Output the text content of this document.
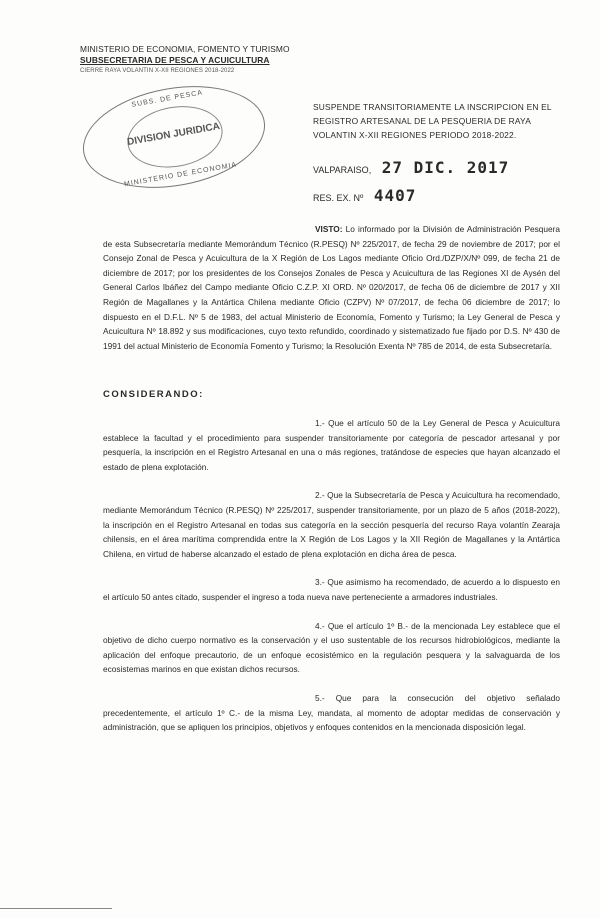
MINISTERIO DE ECONOMIA, FOMENTO Y TURISMO
SUBSECRETARIA DE PESCA Y ACUICULTURA
CIERRE RAYA VOLANTIN X-XII REGIONES 2018-2022
SUBS. DE PESCA
DIVISION JURIDICA
MINISTERIO DE ECONOMIA
SUSPENDE TRANSITORIAMENTE LA INSCRIPCION EN EL REGISTRO ARTESANAL DE LA PESQUERIA DE RAYA VOLANTIN X-XII REGIONES PERIODO 2018-2022.
VALPARAISO, 27 DIC. 2017
RES. EX. Nº 4407

VISTO: Lo informado por la División de Administración Pesquera de esta Subsecretaría mediante Memorándum Técnico (R.PESQ) Nº 225/2017, de fecha 29 de noviembre de 2017; por el Consejo Zonal de Pesca y Acuicultura de la X Región de Los Lagos mediante Oficio Ord./DZP/X/Nº 099, de fecha 21 de diciembre de 2017; por los presidentes de los Consejos Zonales de Pesca y Acuicultura de las Regiones XI de Aysén del General Carlos Ibáñez del Campo mediante Oficio C.Z.P. XI ORD. Nº 020/2017, de fecha 06 de diciembre de 2017 y XII Región de Magallanes y la Antártica Chilena mediante Oficio (CZPV) Nº 07/2017, de fecha 06 diciembre de 2017; lo dispuesto en el D.F.L. Nº 5 de 1983, del actual Ministerio de Economía, Fomento y Turismo; la Ley General de Pesca y Acuicultura Nº 18.892 y sus modificaciones, cuyo texto refundido, coordinado y sistematizado fue fijado por D.S. Nº 430 de 1991 del actual Ministerio de Economía Fomento y Turismo; la Resolución Exenta Nº 785 de 2014, de esta Subsecretaría.

CONSIDERANDO:

1.- Que el artículo 50 de la Ley General de Pesca y Acuicultura establece la facultad y el procedimiento para suspender transitoriamente por categoría de pescador artesanal y por pesquería, la inscripción en el Registro Artesanal en una o más regiones, tratándose de especies que hayan alcanzado el estado de plena explotación.

2.- Que la Subsecretaría de Pesca y Acuicultura ha recomendado, mediante Memorándum Técnico (R.PESQ) Nº 225/2017, suspender transitoriamente, por un plazo de 5 años (2018-2022), la inscripción en el Registro Artesanal en todas sus categoría en la sección pesquería del recurso Raya volantín Zearaja chilensis, en el área marítima comprendida entre la X Región de Los Lagos y la XII Región de Magallanes y la Antártica Chilena, en virtud de haberse alcanzado el estado de plena explotación en dicha área de pesca.

3.- Que asimismo ha recomendado, de acuerdo a lo dispuesto en el artículo 50 antes citado, suspender el ingreso a toda nueva nave perteneciente a armadores industriales.

4.- Que el artículo 1º B.- de la mencionada Ley establece que el objetivo de dicho cuerpo normativo es la conservación y el uso sustentable de los recursos hidrobiológicos, mediante la aplicación del enfoque precautorio, de un enfoque ecosistémico en la regulación pesquera y la salvaguarda de los ecosistemas marinos en que existan dichos recursos.

5.- Que para la consecución del objetivo señalado precedentemente, el artículo 1º C.- de la misma Ley, mandata, al momento de adoptar medidas de conservación y administración, que se apliquen los principios, objetivos y enfoques contenidos en la mencionada disposición legal.
